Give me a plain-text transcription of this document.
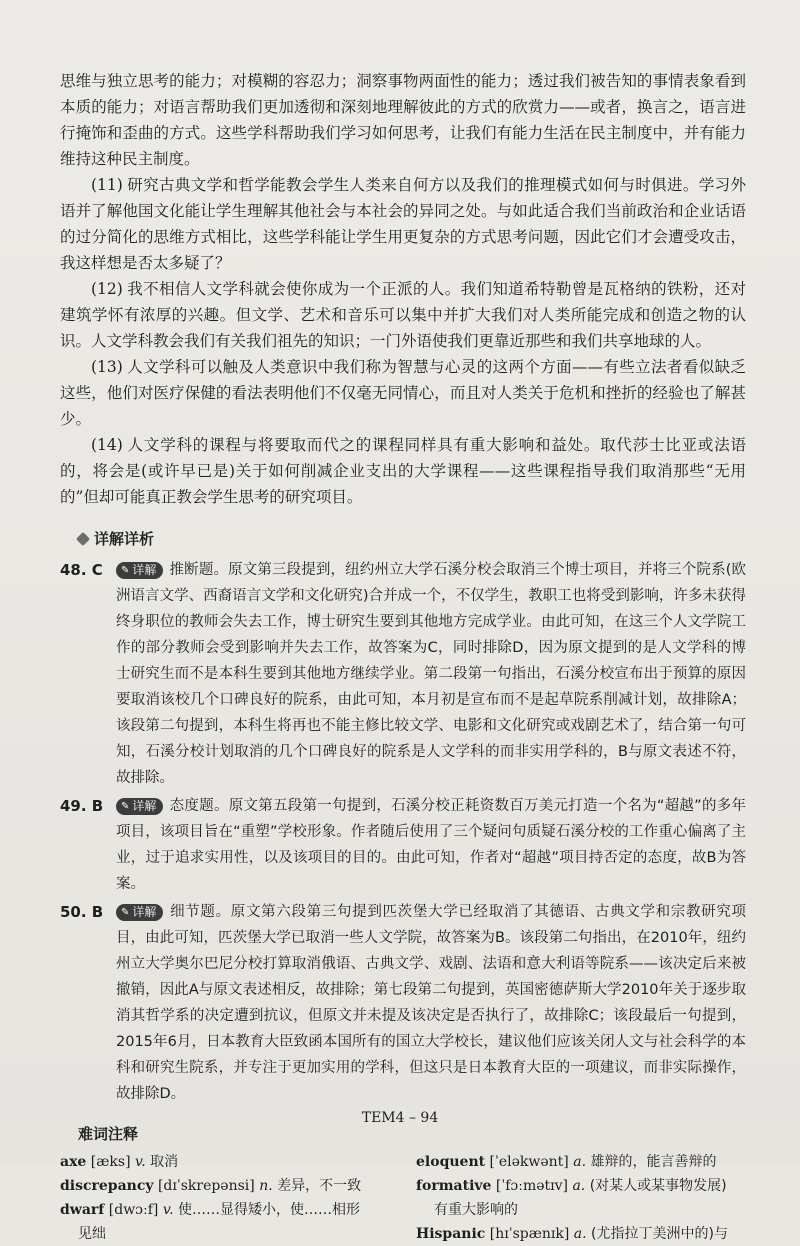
思维与独立思考的能力；对模糊的容忍力；洞察事物两面性的能力；透过我们被告知的事情表象看到本质的能力；对语言帮助我们更加透彻和深刻地理解彼此的方式的欣赏力——或者，换言之，语言进行掩饰和歪曲的方式。这些学科帮助我们学习如何思考，让我们有能力生活在民主制度中，并有能力维持这种民主制度。

(11) 研究古典文学和哲学能教会学生人类来自何方以及我们的推理模式如何与时俱进。学习外语并了解他国文化能让学生理解其他社会与本社会的异同之处。与如此适合我们当前政治和企业话语的过分简化的思维方式相比，这些学科能让学生用更复杂的方式思考问题，因此它们才会遭受攻击，我这样想是否太多疑了？

(12) 我不相信人文学科就会使你成为一个正派的人。我们知道希特勒曾是瓦格纳的铁粉，还对建筑学怀有浓厚的兴趣。但文学、艺术和音乐可以集中并扩大我们对人类所能完成和创造之物的认识。人文学科教会我们有关我们祖先的知识；一门外语使我们更靠近那些和我们共享地球的人。

(13) 人文学科可以触及人类意识中我们称为智慧与心灵的这两个方面——有些立法者看似缺乏这些，他们对医疗保健的看法表明他们不仅毫无同情心，而且对人类关于危机和挫折的经验也了解甚少。

(14) 人文学科的课程与将要取而代之的课程同样具有重大影响和益处。取代莎士比亚或法语的，将会是(或许早已是)关于如何削减企业支出的大学课程——这些课程指导我们取消那些“无用的”但却可能真正教会学生思考的研究项目。

详解详析
48. C	✎ 详解 推断题。原文第三段提到，纽约州立大学石溪分校会取消三个博士项目，并将三个院系(欧洲语言文学、西裔语言文学和文化研究)合并成一个，不仅学生，教职工也将受到影响，许多未获得终身职位的教师会失去工作，博士研究生要到其他地方完成学业。由此可知，在这三个人文学院工作的部分教师会受到影响并失去工作，故答案为C，同时排除D，因为原文提到的是人文学科的博士研究生而不是本科生要到其他地方继续学业。第二段第一句指出，石溪分校宣布出于预算的原因要取消该校几个口碑良好的院系，由此可知，本月初是宣布而不是起草院系削减计划，故排除A；该段第二句提到，本科生将再也不能主修比较文学、电影和文化研究或戏剧艺术了，结合第一句可知，石溪分校计划取消的几个口碑良好的院系是人文学科的而非实用学科的，B与原文表述不符，故排除。
49. B	✎ 详解 态度题。原文第五段第一句提到，石溪分校正耗资数百万美元打造一个名为“超越”的多年项目，该项目旨在“重塑”学校形象。作者随后使用了三个疑问句质疑石溪分校的工作重心偏离了主业，过于追求实用性，以及该项目的目的。由此可知，作者对“超越”项目持否定的态度，故B为答案。
50. B	✎ 详解 细节题。原文第六段第三句提到匹茨堡大学已经取消了其德语、古典文学和宗教研究项目，由此可知，匹茨堡大学已取消一些人文学院，故答案为B。该段第二句指出，在2010年，纽约州立大学奥尔巴尼分校打算取消俄语、古典文学、戏剧、法语和意大利语等院系——该决定后来被撤销，因此A与原文表述相反，故排除；第七段第二句提到，英国密德萨斯大学2010年关于逐步取消其哲学系的决定遭到抗议，但原文并未提及该决定是否执行了，故排除C；该段最后一句提到，2015年6月，日本教育大臣致函本国所有的国立大学校长，建议他们应该关闭人文与社会科学的本科和研究生院系，并专注于更加实用的学科，但这只是日本教育大臣的一项建议，而非实际操作，故排除D。
难词注释

axe [æks] v. 取消

discrepancy [dɪˈskrepənsi] n. 差异，不一致

dwarf [dwɔːf] v. 使……显得矮小，使……相形
见绌

eloquent [ˈeləkwənt] a. 雄辩的，能言善辩的

formative [ˈfɔːmətɪv] a. (对某人或某事物发展)
有重大影响的

Hispanic [hɪˈspænɪk] a. (尤指拉丁美洲中的)与

TEM4 – 94
